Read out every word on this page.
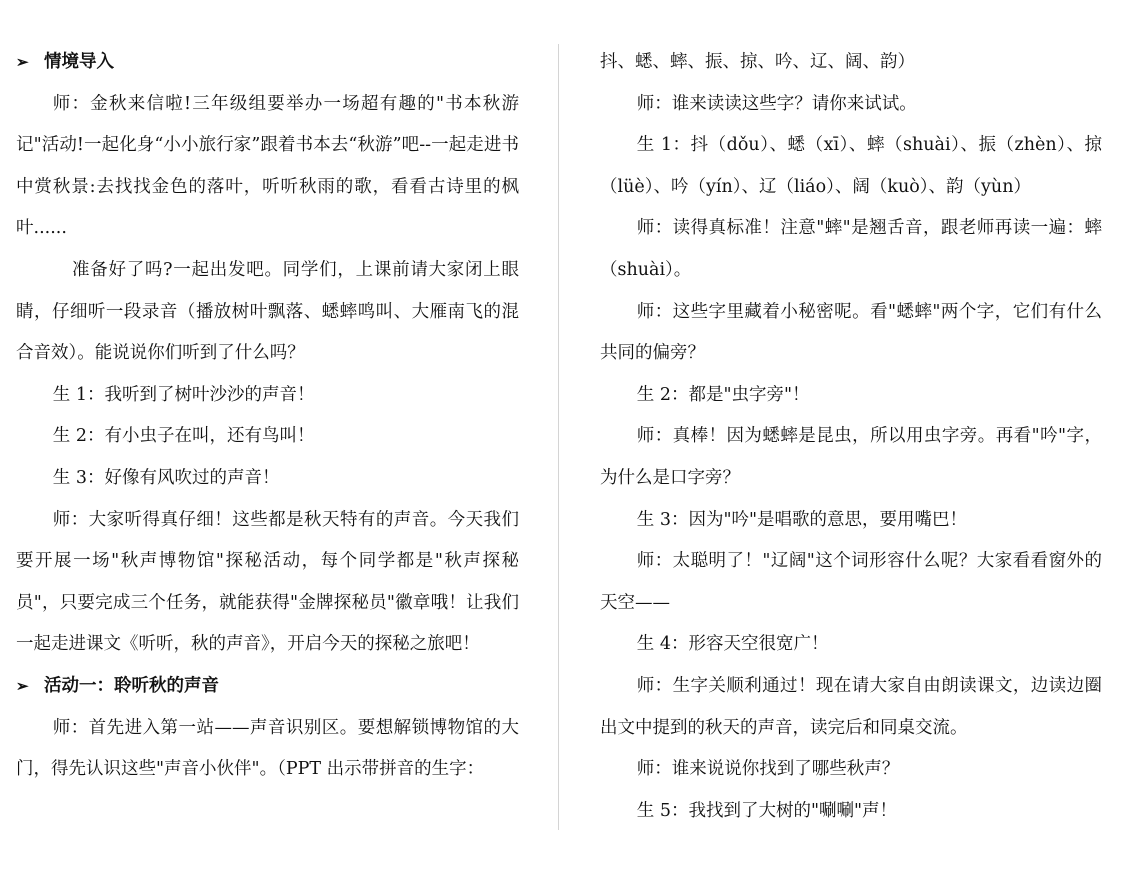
➢ 情境导入

师：金秋来信啦!三年级组要举办一场超有趣的"书本秋游记"活动!一起化身“小小旅行家”跟着书本去“秋游”吧--一起走进书中赏秋景:去找找金色的落叶，听听秋雨的歌，看看古诗里的枫叶......

准备好了吗?一起出发吧。同学们，上课前请大家闭上眼睛，仔细听一段录音（播放树叶飘落、蟋蟀鸣叫、大雁南飞的混合音效）。能说说你们听到了什么吗？

生 1：我听到了树叶沙沙的声音！

生 2：有小虫子在叫，还有鸟叫！

生 3：好像有风吹过的声音！

师：大家听得真仔细！这些都是秋天特有的声音。今天我们要开展一场"秋声博物馆"探秘活动，每个同学都是"秋声探秘员"，只要完成三个任务，就能获得"金牌探秘员"徽章哦！让我们一起走进课文《听听，秋的声音》，开启今天的探秘之旅吧！

➢ 活动一：聆听秋的声音

师：首先进入第一站——声音识别区。要想解锁博物馆的大门，得先认识这些"声音小伙伴"。（PPT 出示带拼音的生字：

抖、蟋、蟀、振、掠、吟、辽、阔、韵）

师：谁来读读这些字？请你来试试。

生 1：抖（dǒu）、蟋（xī）、蟀（shuài）、振（zhèn）、掠（lüè）、吟（yín）、辽（liáo）、阔（kuò）、韵（yùn）

师：读得真标准！注意"蟀"是翘舌音，跟老师再读一遍：蟀（shuài）。

师：这些字里藏着小秘密呢。看"蟋蟀"两个字，它们有什么共同的偏旁？

生 2：都是"虫字旁"！

师：真棒！因为蟋蟀是昆虫，所以用虫字旁。再看"吟"字，为什么是口字旁？

生 3：因为"吟"是唱歌的意思，要用嘴巴！

师：太聪明了！"辽阔"这个词形容什么呢？大家看看窗外的天空——

生 4：形容天空很宽广！

师：生字关顺利通过！现在请大家自由朗读课文，边读边圈出文中提到的秋天的声音，读完后和同桌交流。

师：谁来说说你找到了哪些秋声？

生 5：我找到了大树的"唰唰"声！
